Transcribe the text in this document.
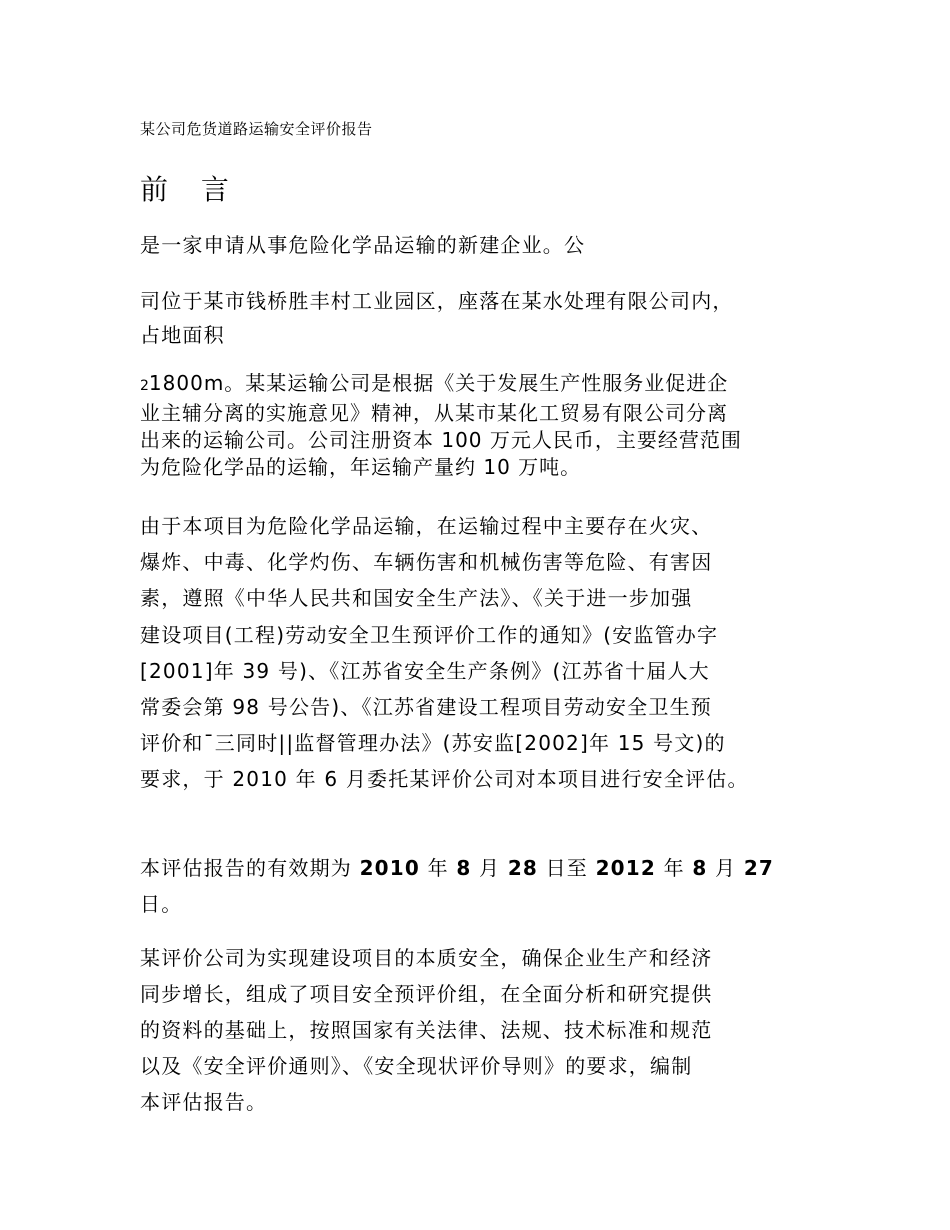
某公司危货道路运输安全评价报告
前 言
是一家申请从事危险化学品运输的新建企业。公
司位于某市钱桥胜丰村工业园区，座落在某水处理有限公司内，
占地面积
21800m。某某运输公司是根据《关于发展生产性服务业促进企
业主辅分离的实施意见》精神，从某市某化工贸易有限公司分离
出来的运输公司。公司注册资本 100 万元人民币，主要经营范围
为危险化学品的运输，年运输产量约 10 万吨。
由于本项目为危险化学品运输，在运输过程中主要存在火灾、
爆炸、中毒、化学灼伤、车辆伤害和机械伤害等危险、有害因
素，遵照《中华人民共和国安全生产法》、《关于进一步加强
建设项目(工程)劳动安全卫生预评价工作的通知》(安监管办字
[2001]年 39 号)、《江苏省安全生产条例》(江苏省十届人大
常委会第 98 号公告)、《江苏省建设工程项目劳动安全卫生预
评价和¯三同时||监督管理办法》(苏安监[2002]年 15 号文)的
要求，于 2010 年 6 月委托某评价公司对本项目进行安全评估。
本评估报告的有效期为 2010 年 8 月 28 日至 2012 年 8 月 27
日。
某评价公司为实现建设项目的本质安全，确保企业生产和经济
同步增长，组成了项目安全预评价组，在全面分析和研究提供
的资料的基础上，按照国家有关法律、法规、技术标准和规范
以及《安全评价通则》、《安全现状评价导则》的要求，编制
本评估报告。
